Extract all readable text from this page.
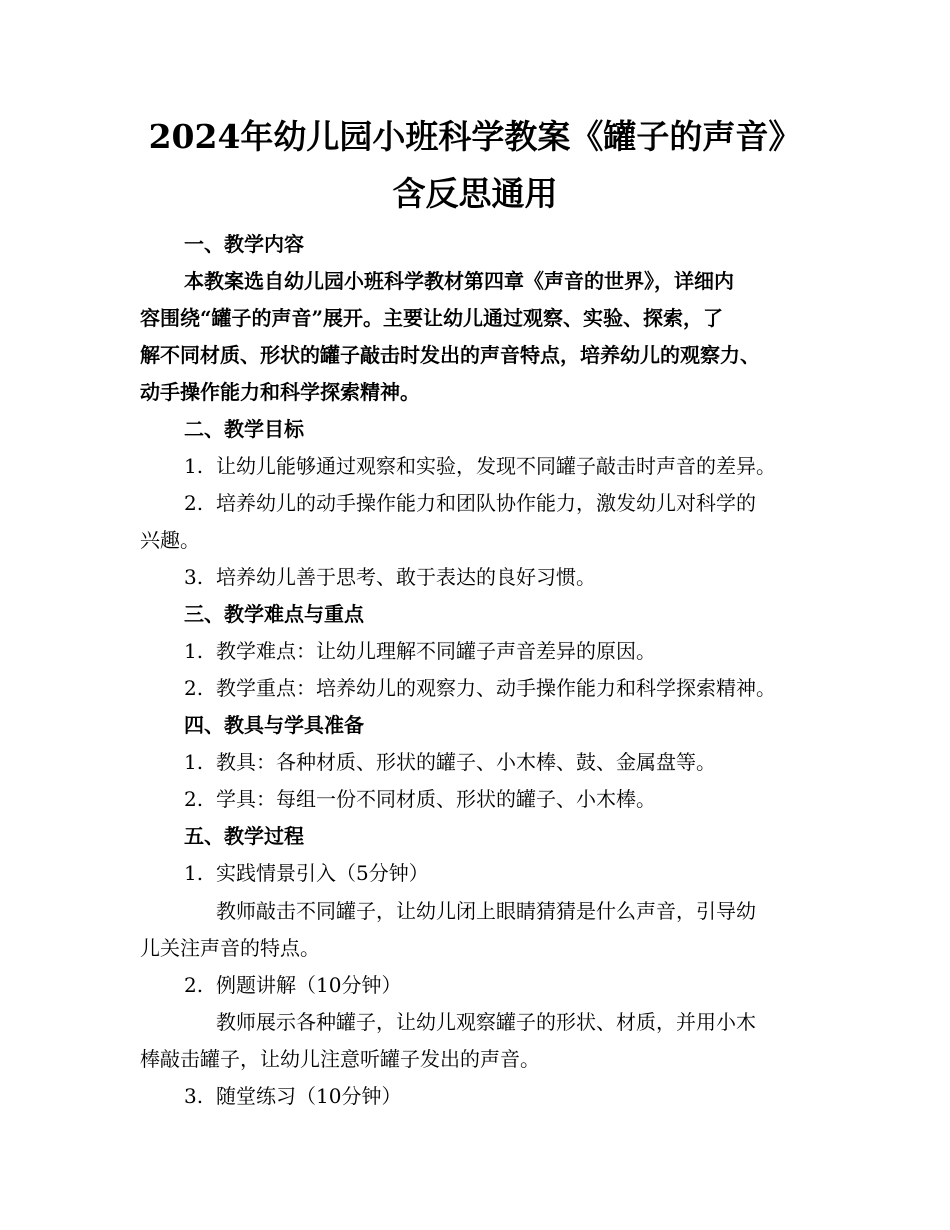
2024年幼儿园小班科学教案《罐子的声音》
含反思通用

一、教学内容

本教案选自幼儿园小班科学教材第四章《声音的世界》，详细内

容围绕“罐子的声音”展开。主要让幼儿通过观察、实验、探索，了

解不同材质、形状的罐子敲击时发出的声音特点，培养幼儿的观察力、

动手操作能力和科学探索精神。

二、教学目标

1. 让幼儿能够通过观察和实验，发现不同罐子敲击时声音的差异。

2. 培养幼儿的动手操作能力和团队协作能力，激发幼儿对科学的

兴趣。

3. 培养幼儿善于思考、敢于表达的良好习惯。

三、教学难点与重点

1. 教学难点：让幼儿理解不同罐子声音差异的原因。

2. 教学重点：培养幼儿的观察力、动手操作能力和科学探索精神。

四、教具与学具准备

1. 教具：各种材质、形状的罐子、小木棒、鼓、金属盘等。

2. 学具：每组一份不同材质、形状的罐子、小木棒。

五、教学过程

1. 实践情景引入（5分钟）

教师敲击不同罐子，让幼儿闭上眼睛猜猜是什么声音，引导幼

儿关注声音的特点。

2. 例题讲解（10分钟）

教师展示各种罐子，让幼儿观察罐子的形状、材质，并用小木

棒敲击罐子，让幼儿注意听罐子发出的声音。

3. 随堂练习（10分钟）
